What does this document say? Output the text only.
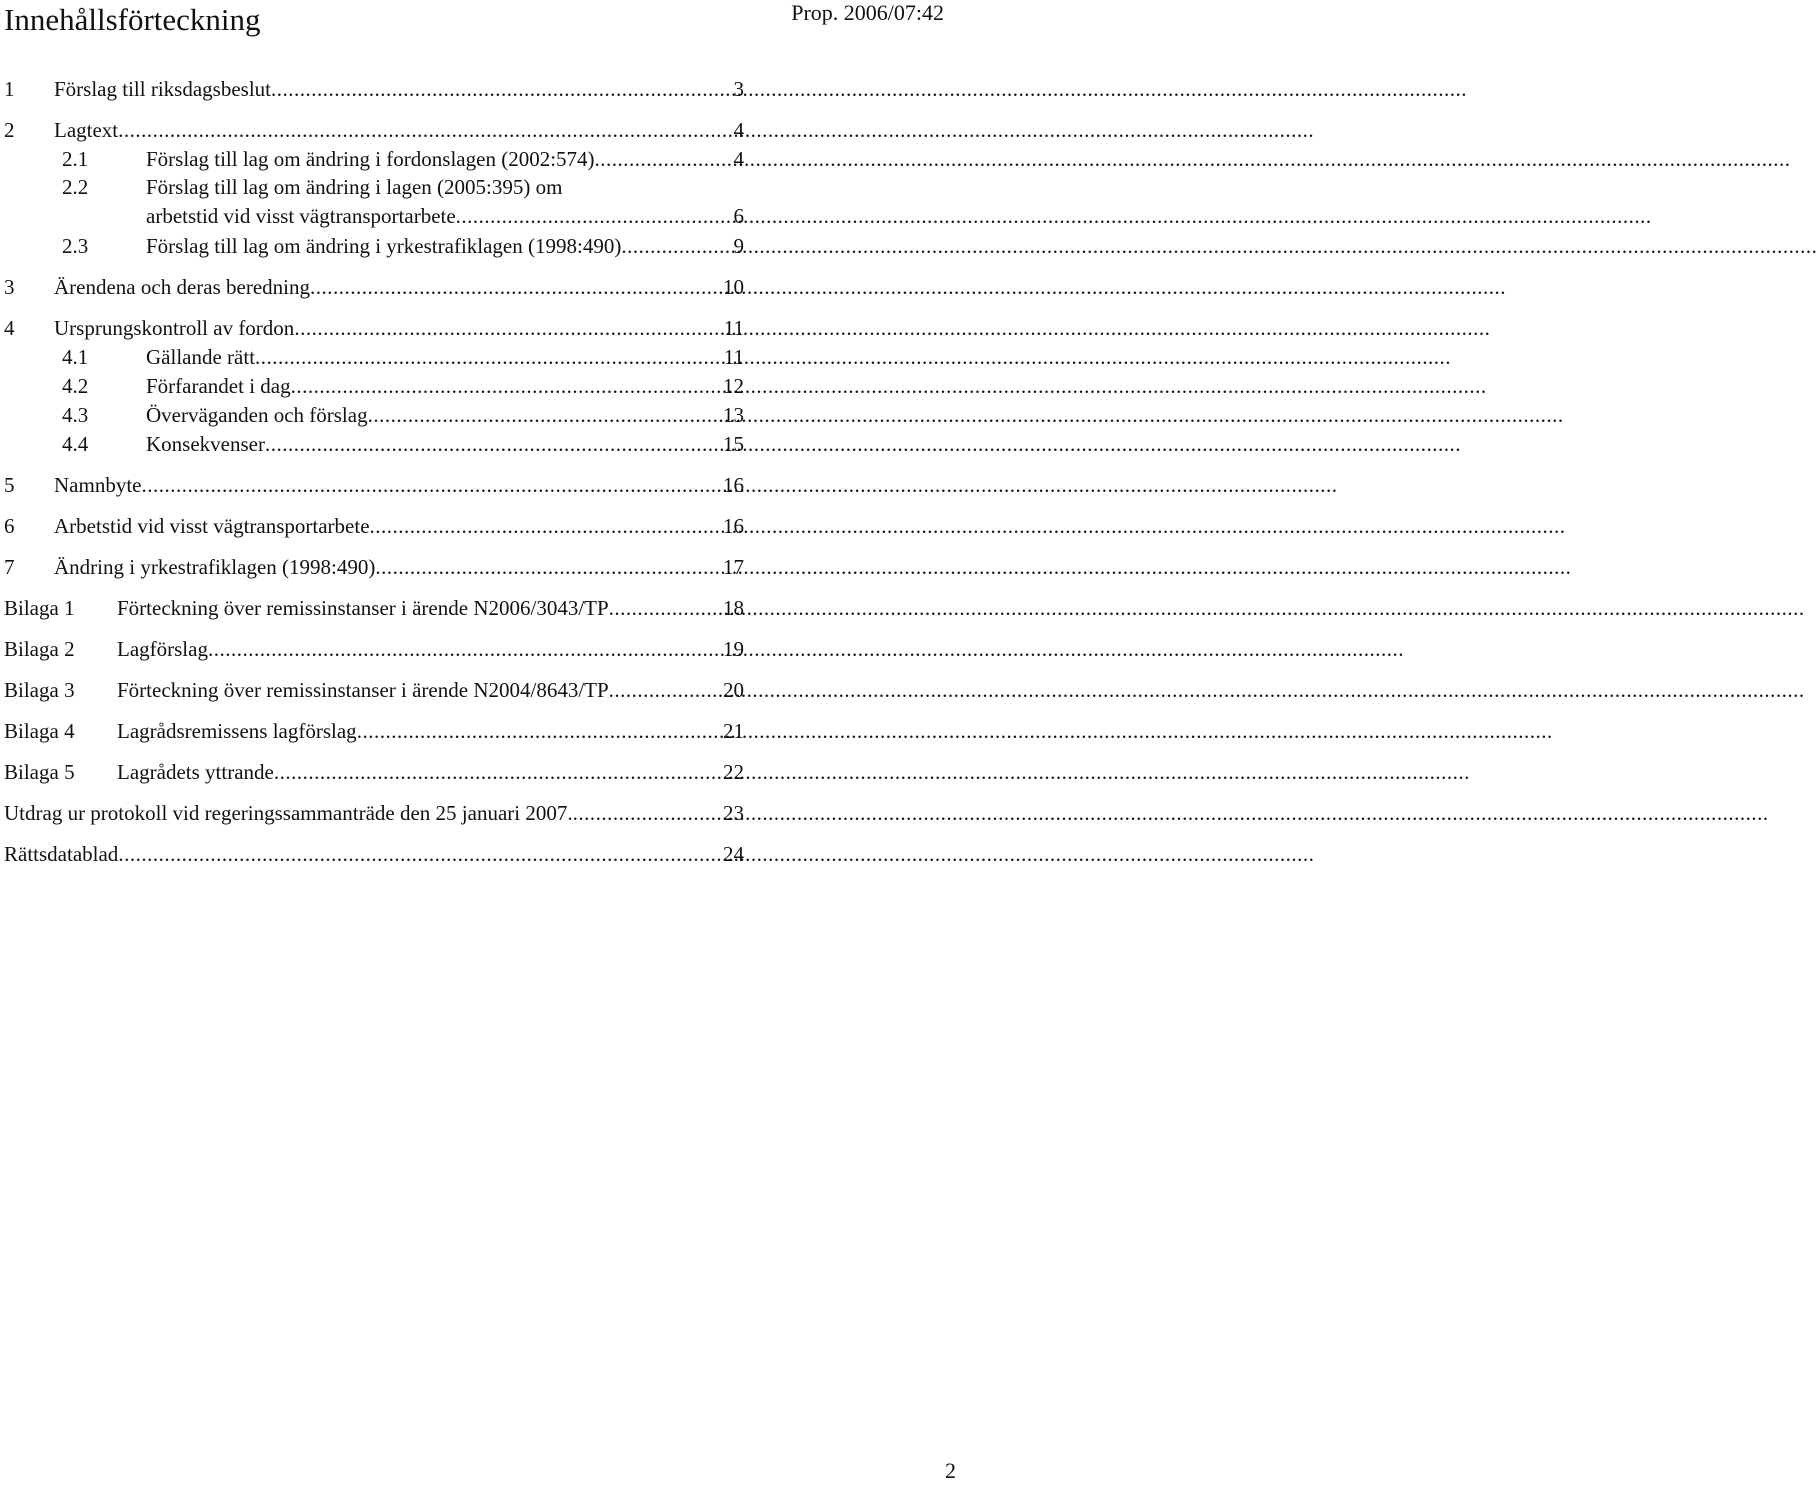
Innehållsförteckning	Prop. 2006/07:42
1	Förslag till riksdagsbeslut .....	3
2	Lagtext .....	4
2.1	Förslag till lag om ändring i fordonslagen (2002:574) .....	4
2.2	Förslag till lag om ändring i lagen (2005:395) om
arbetstid vid visst vägtransportarbete .....	6
2.3	Förslag till lag om ändring i yrkestrafiklagen (1998:490) .....	9
3	Ärendena och deras beredning .....	10
4	Ursprungskontroll av fordon .....	11
4.1	Gällande rätt .....	11
4.2	Förfarandet i dag .....	12
4.3	Överväganden och förslag .....	13
4.4	Konsekvenser .....	15
5	Namnbyte .....	16
6	Arbetstid vid visst vägtransportarbete .....	16
7	Ändring i yrkestrafiklagen (1998:490) .....	17
Bilaga 1	Förteckning över remissinstanser i ärende N2006/3043/TP .....	18
Bilaga 2	Lagförslag .....	19
Bilaga 3	Förteckning över remissinstanser i ärende N2004/8643/TP .....	20
Bilaga 4	Lagrådsremissens lagförslag .....	21
Bilaga 5	Lagrådets yttrande .....	22
Utdrag ur protokoll vid regeringssammanträde den 25 januari 2007. .....	23
Rättsdatablad .....	24
2
